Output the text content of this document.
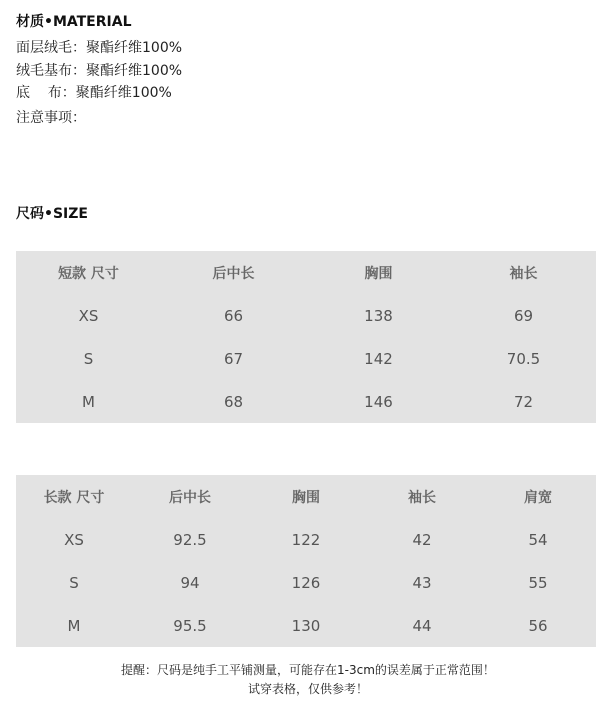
材质•MATERIAL
面层绒毛：聚酯纤维100%
绒毛基布：聚酯纤维100%
底    布：聚酯纤维100%
注意事项：
尺码•SIZE
短款 尺寸	后中长	胸围	袖长
XS	66	138	69
S	67	142	70.5
M	68	146	72
长款 尺寸	后中长	胸围	袖长	肩宽
XS	92.5	122	42	54
S	94	126	43	55
M	95.5	130	44	56
提醒：尺码是纯手工平铺测量，可能存在1-3cm的误差属于正常范围！
试穿表格，仅供参考！
